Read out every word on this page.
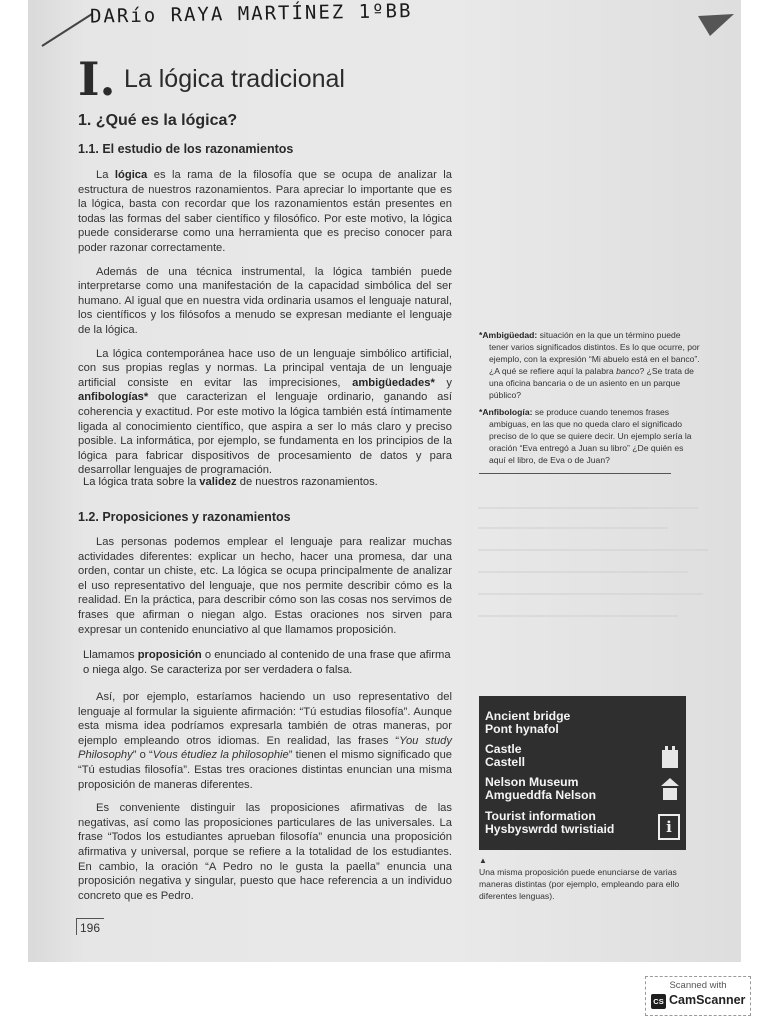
DARío RAYA MARTÍNEZ 1ºBB
I. La lógica tradicional
1. ¿Qué es la lógica?
1.1. El estudio de los razonamientos

La lógica es la rama de la filosofía que se ocupa de analizar la estructura de nuestros razonamientos. Para apreciar lo importante que es la lógica, basta con recordar que los razonamientos están presentes en todas las formas del saber científico y filosófico. Por este motivo, la lógica puede considerarse como una herramienta que es preciso conocer para poder razonar correctamente.

Además de una técnica instrumental, la lógica también puede interpretarse como una manifestación de la capacidad simbólica del ser humano. Al igual que en nuestra vida ordinaria usamos el lenguaje natural, los científicos y los filósofos a menudo se expresan mediante el lenguaje de la lógica.

La lógica contemporánea hace uso de un lenguaje simbólico artificial, con sus propias reglas y normas. La principal ventaja de un lenguaje artificial consiste en evitar las imprecisiones, ambigüedades* y anfibologías* que caracterizan el lenguaje ordinario, ganando así coherencia y exactitud. Por este motivo la lógica también está íntimamente ligada al conocimiento científico, que aspira a ser lo más claro y preciso posible. La informática, por ejemplo, se fundamenta en los principios de la lógica para fabricar dispositivos de procesamiento de datos y para desarrollar lenguajes de programación.

La lógica trata sobre la validez de nuestros razonamientos.
1.2. Proposiciones y razonamientos

Las personas podemos emplear el lenguaje para realizar muchas actividades diferentes: explicar un hecho, hacer una promesa, dar una orden, contar un chiste, etc. La lógica se ocupa principalmente de analizar el uso representativo del lenguaje, que nos permite describir cómo es la realidad. En la práctica, para describir cómo son las cosas nos servimos de frases que afirman o niegan algo. Estas oraciones nos sirven para expresar un contenido enunciativo al que llamamos proposición.

Llamamos proposición o enunciado al contenido de una frase que afirma o niega algo. Se caracteriza por ser verdadera o falsa.

Así, por ejemplo, estaríamos haciendo un uso representativo del lenguaje al formular la siguiente afirmación: “Tú estudias filosofía”. Aunque esta misma idea podríamos expresarla también de otras maneras, por ejemplo empleando otros idiomas. En realidad, las frases “You study Philosophy” o “Vous étudiez la philosophie” tienen el mismo significado que “Tú estudias filosofía”. Estas tres oraciones distintas enuncian una misma proposición de maneras diferentes.

Es conveniente distinguir las proposiciones afirmativas de las negativas, así como las proposiciones particulares de las universales. La frase “Todos los estudiantes aprueban filosofía” enuncia una proposición afirmativa y universal, porque se refiere a la totalidad de los estudiantes. En cambio, la oración “A Pedro no le gusta la paella” enuncia una proposición negativa y singular, puesto que hace referencia a un individuo concreto que es Pedro.

*Ambigüedad: situación en la que un término puede tener varios significados distintos. Es lo que ocurre, por ejemplo, con la expresión “Mi abuelo está en el banco”. ¿A qué se refiere aquí la palabra banco? ¿Se trata de una oficina bancaria o de un asiento en un parque público?
*Anfibología: se produce cuando tenemos frases ambiguas, en las que no queda claro el significado preciso de lo que se quiere decir. Un ejemplo sería la oración “Eva entregó a Juan su libro” ¿De quién es aquí el libro, de Eva o de Juan?
Ancient bridge
Pont hynafol
Castle
Castell
Nelson Museum
Amgueddfa Nelson
Tourist information
Hysbyswrdd twristiaid	i
▲
Una misma proposición puede enunciarse de varias maneras distintas (por ejemplo, empleando para ello diferentes lenguas).
196
Scanned with
CS CamScanner
